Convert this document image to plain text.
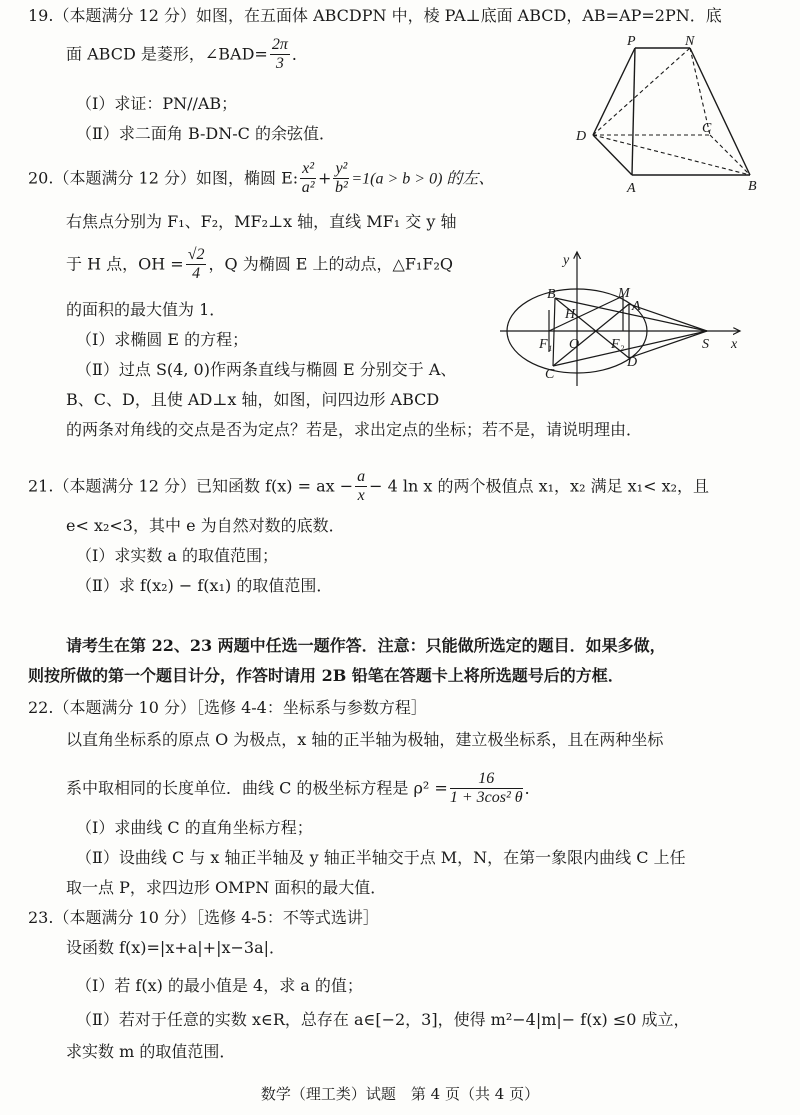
19.（本题满分 12 分）如图，在五面体 ABCDPN 中，棱 PA⊥底面 ABCD，AB=AP=2PN．底
面 ABCD 是菱形，∠BAD= $\frac{2\pi}{3}$ ．
（Ⅰ）求证：PN//AB；
（Ⅱ）求二面角 B-DN-C 的余弦值．
P	N
D
C
A	B
20.（本题满分 12 分）如图，椭圆 E: $\frac{\text{x²}}{\text{a²}} + \frac{\text{y²}}{\text{b²}} =1(a > b > 0)$ 的左、
右焦点分别为 F₁、F₂，MF₂⊥x 轴，直线 MF₁ 交 y 轴
于 H 点，OH = $\frac{√2}{4}$ ，Q 为椭圆 E 上的动点，△F₁F₂Q
的面积的最大值为 1．
（Ⅰ）求椭圆 E 的方程；
（Ⅱ）过点 S(4, 0)作两条直线与椭圆 E 分别交于 A、
B、C、D，且使 AD⊥x 轴，如图，问四边形 ABCD
的两条对角线的交点是否为定点？若是，求出定点的坐标；若不是，请说明理由．
y
x
B	M
A
H
F₁ O F₂	S
C
D
21.（本题满分 12 分）已知函数 f(x) = ax − $\frac{a}{x} - 4$ ln x 的两个极值点 x₁，x₂ 满足 x₁< x₂，且
e< x₂<3，其中 e 为自然对数的底数．
（Ⅰ）求实数 a 的取值范围；
（Ⅱ）求 f(x₂) − f(x₁) 的取值范围．
请考生在第 22、23 两题中任选一题作答．注意：只能做所选定的题目．如果多做，
则按所做的第一个题目计分，作答时请用 2B 铅笔在答题卡上将所选题号后的方框．
22.（本题满分 10 分）［选修 4-4：坐标系与参数方程］
以直角坐标系的原点 O 为极点，x 轴的正半轴为极轴，建立极坐标系，且在两种坐标
系中取相同的长度单位．曲线 C 的极坐标方程是 $\rho^2 = \frac{16}{\text{1 + 3cos² θ}}$ ．
（Ⅰ）求曲线 C 的直角坐标方程；
（Ⅱ）设曲线 C 与 x 轴正半轴及 y 轴正半轴交于点 M，N，在第一象限内曲线 C 上任
取一点 P，求四边形 OMPN 面积的最大值．
23.（本题满分 10 分）［选修 4-5：不等式选讲］
设函数 f(x)=|x+a|+|x−3a|．
（Ⅰ）若 f(x) 的最小值是 4，求 a 的值；
（Ⅱ）若对于任意的实数 x∈R，总存在 a∈[−2，3]，使得 m²−4|m|− f(x) ≤0 成立，
求实数 m 的取值范围．
数学（理工类）试题　第 4 页（共 4 页）
